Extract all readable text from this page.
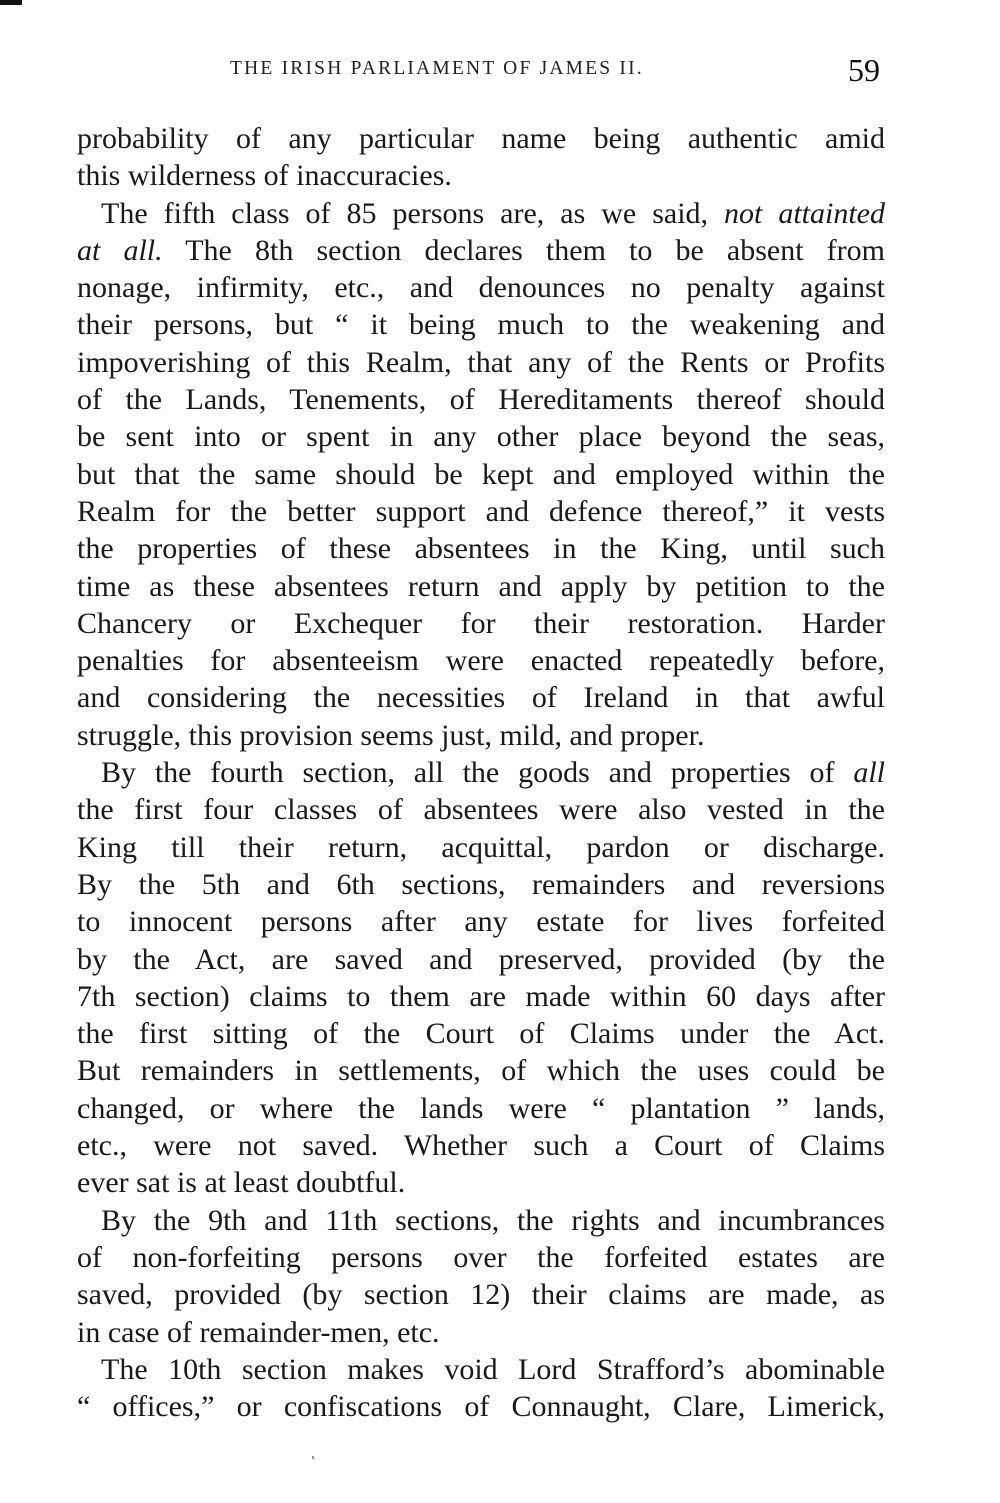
THE IRISH PARLIAMENT OF JAMES II.	59
probability of any particular name being authentic amid
this wilderness of inaccuracies.
The fifth class of 85 persons are, as we said, not attainted
at all. The 8th section declares them to be absent from
nonage, infirmity, etc., and denounces no penalty against
their persons, but “ it being much to the weakening and
impoverishing of this Realm, that any of the Rents or Profits
of the Lands, Tenements, of Hereditaments thereof should
be sent into or spent in any other place beyond the seas,
but that the same should be kept and employed within the
Realm for the better support and defence thereof,” it vests
the properties of these absentees in the King, until such
time as these absentees return and apply by petition to the
Chancery or Exchequer for their restoration. Harder
penalties for absenteeism were enacted repeatedly before,
and considering the necessities of Ireland in that awful
struggle, this provision seems just, mild, and proper.
By the fourth section, all the goods and properties of all
the first four classes of absentees were also vested in the
King till their return, acquittal, pardon or discharge.
By the 5th and 6th sections, remainders and reversions
to innocent persons after any estate for lives forfeited
by the Act, are saved and preserved, provided (by the
7th section) claims to them are made within 60 days after
the first sitting of the Court of Claims under the Act.
But remainders in settlements, of which the uses could be
changed, or where the lands were “ plantation ” lands,
etc., were not saved. Whether such a Court of Claims
ever sat is at least doubtful.
By the 9th and 11th sections, the rights and incumbrances
of non-forfeiting persons over the forfeited estates are
saved, provided (by section 12) their claims are made, as
in case of remainder-men, etc.
The 10th section makes void Lord Strafford’s abominable
“ offices,” or confiscations of Connaught, Clare, Limerick,
